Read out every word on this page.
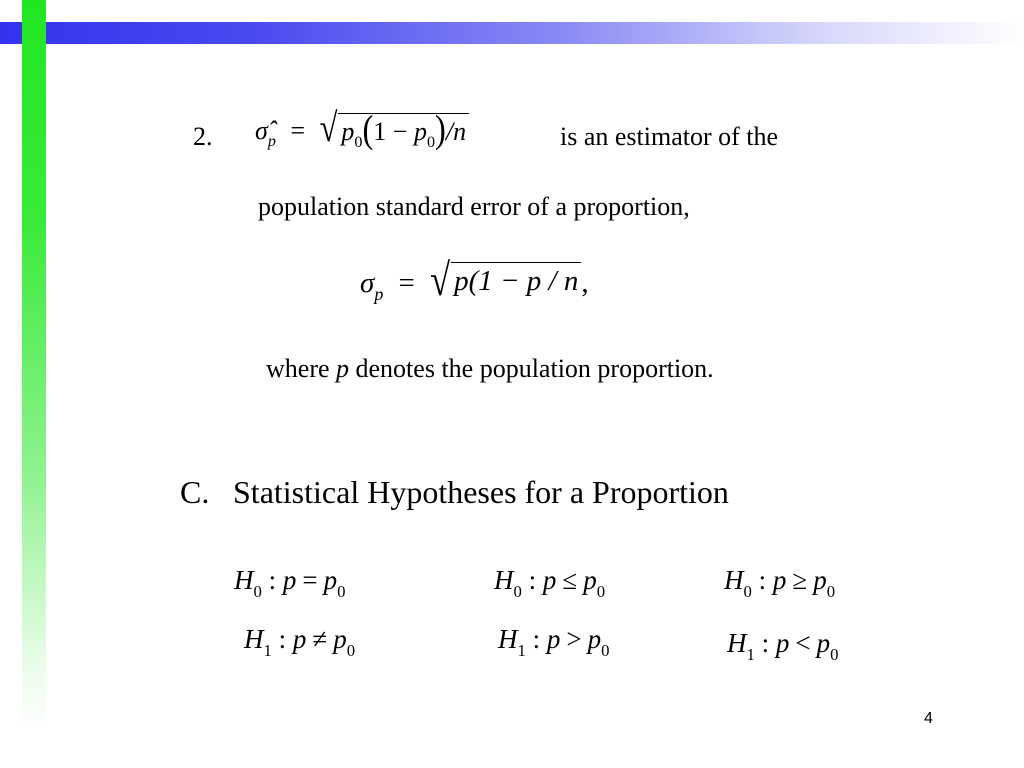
2. $\sigmâ_p$ = √ $p_0(1 - p_0)/n$	is an estimator of the
population standard error of a proportion,
$\sigma_p$ = √ p(1 − p / n ,
where p denotes the population proportion.
C. Statistical Hypotheses for a Proportion
$H_0$ : $p = p_0$	$H_0$ : $p \le p_0$	$H_0$ : $p \ge p_0$
$H_1$ : $p \ne p_0$	$H_1$ : $p > p_0$	$H_1$ : $p < p_0$
4
